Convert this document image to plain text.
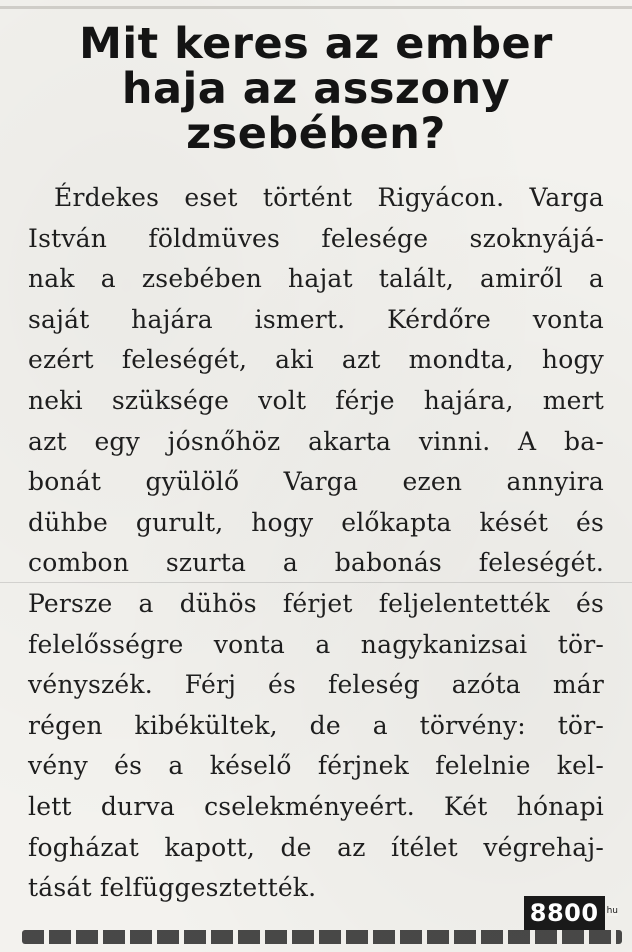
Mit keres az ember haja az asszony zsebében?
Érdekes eset történt Rigyácon. Varga
István földmüves felesége szoknyájá-
nak a zsebében hajat talált, amiről a
saját hajára ismert. Kérdőre vonta
ezért feleségét, aki azt mondta, hogy
neki szüksége volt férje hajára, mert
azt egy jósnőhöz akarta vinni. A ba-
bonát gyülölő Varga ezen annyira
dühbe gurult, hogy előkapta kését és
combon szurta a babonás feleségét.
Persze a dühös férjet feljelentették és
felelősségre vonta a nagykanizsai tör-
vényszék. Férj és feleség azóta már
régen kibékültek, de a törvény: tör-
vény és a késelő férjnek felelnie kel-
lett durva cselekményeért. Két hónapi
fogházat kapott, de az ítélet végrehaj-
tását felfüggesztették.
8800 hu
